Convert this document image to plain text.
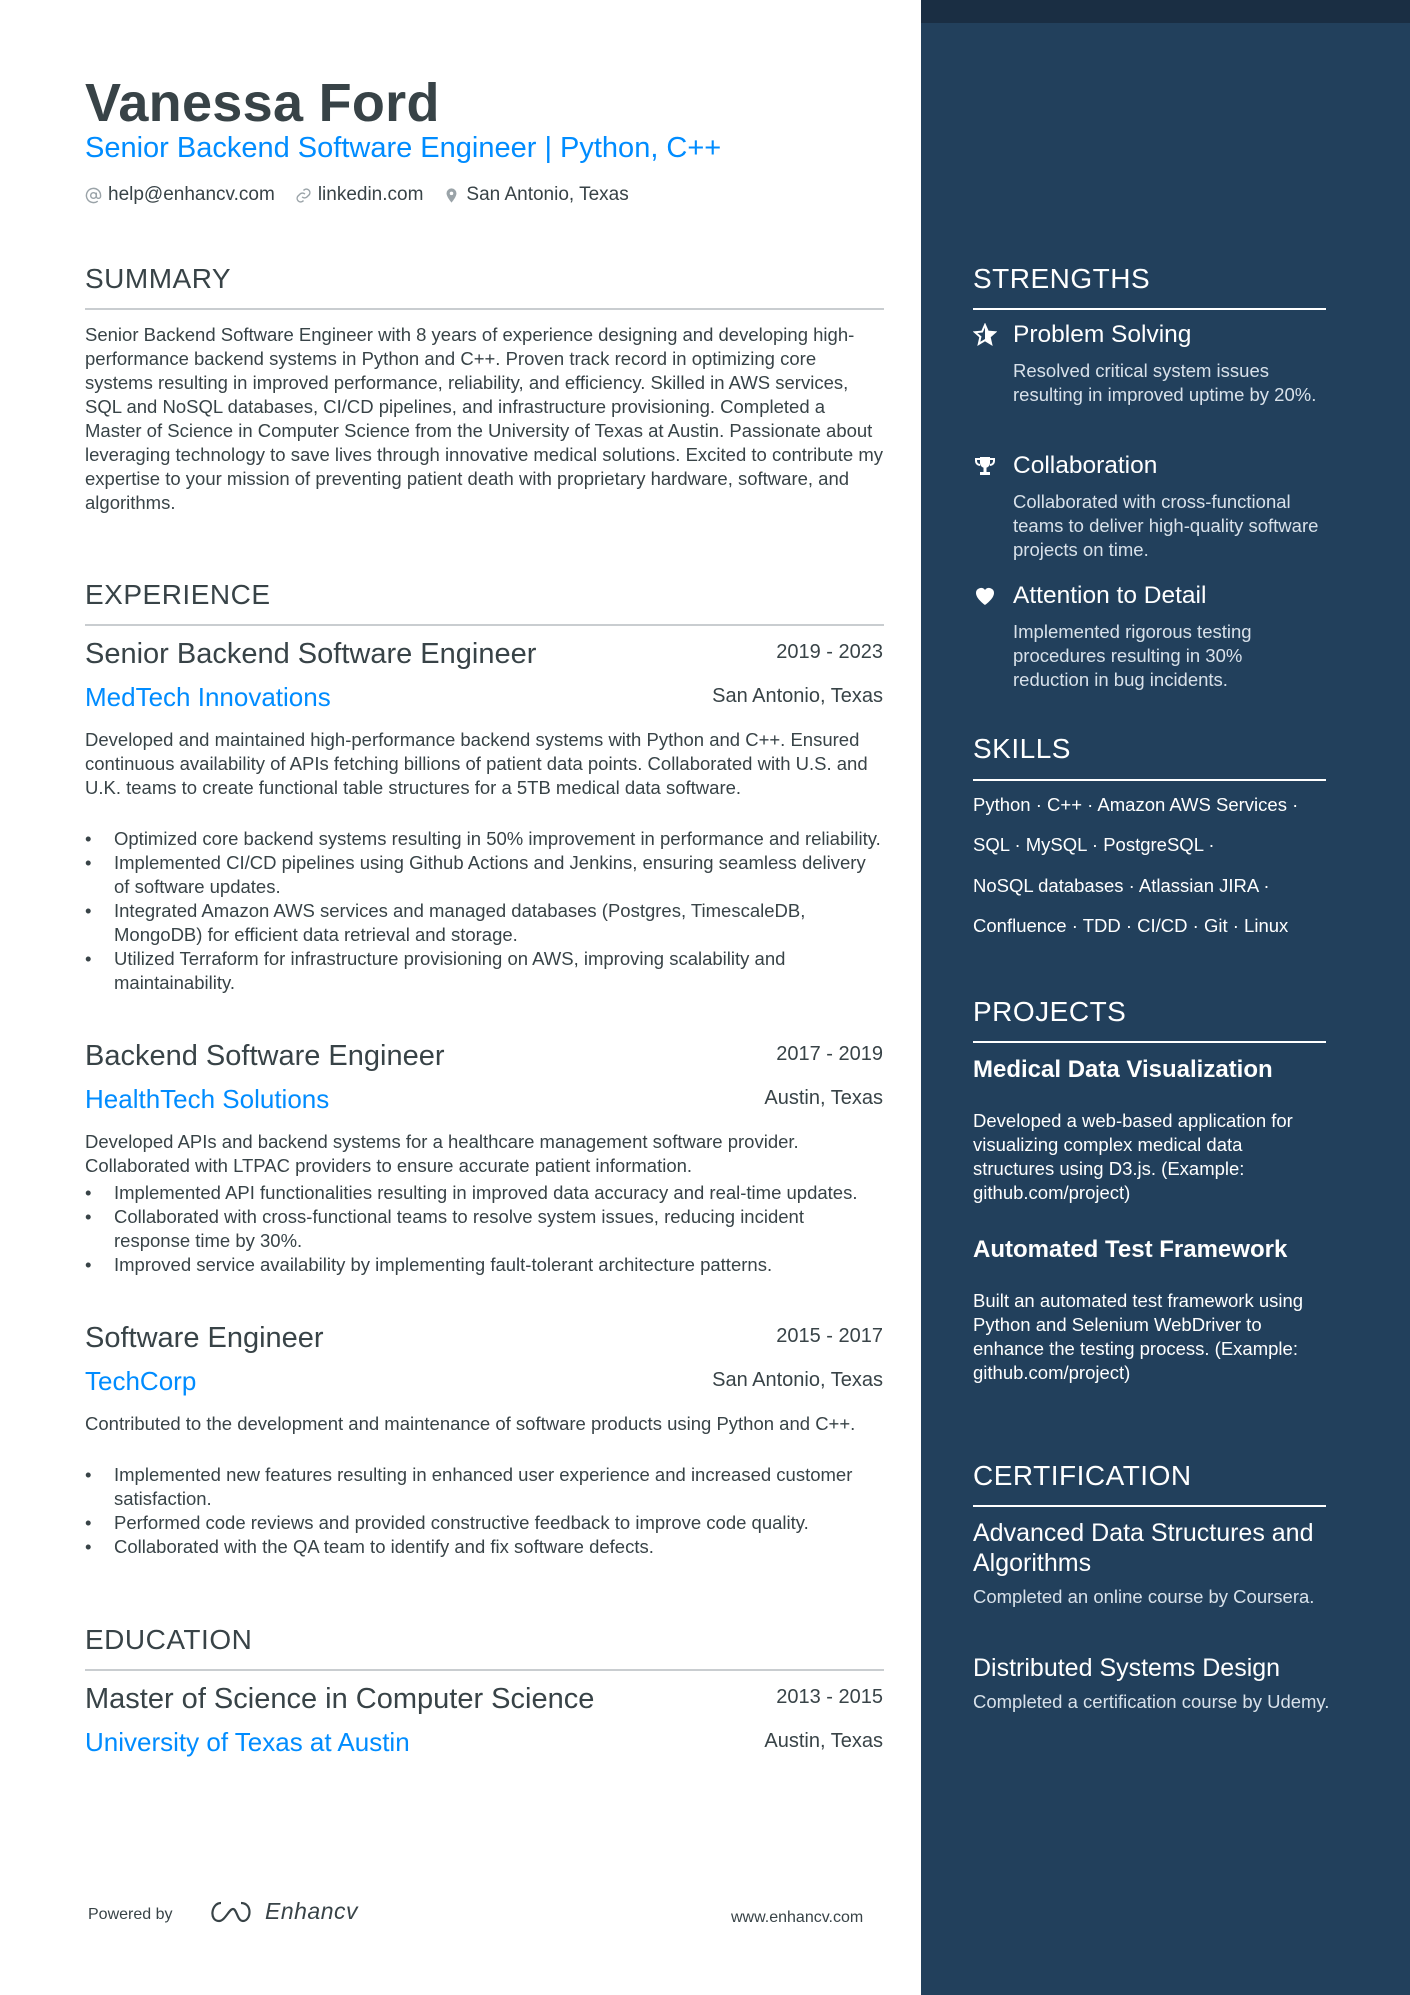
Vanessa Ford
Senior Backend Software Engineer | Python, C++
help@enhancv.com linkedin.com San Antonio, Texas
SUMMARY
Senior Backend Software Engineer with 8 years of experience designing and developing high-performance backend systems in Python and C++. Proven track record in optimizing core systems resulting in improved performance, reliability, and efficiency. Skilled in AWS services, SQL and NoSQL databases, CI/CD pipelines, and infrastructure provisioning. Completed a Master of Science in Computer Science from the University of Texas at Austin. Passionate about leveraging technology to save lives through innovative medical solutions. Excited to contribute my expertise to your mission of preventing patient death with proprietary hardware, software, and algorithms.
EXPERIENCE
Senior Backend Software Engineer	2019 - 2023
MedTech Innovations	San Antonio, Texas
Developed and maintained high-performance backend systems with Python and C++. Ensured continuous availability of APIs fetching billions of patient data points. Collaborated with U.S. and U.K. teams to create functional table structures for a 5TB medical data software.
• Optimized core backend systems resulting in 50% improvement in performance and reliability.
• Implemented CI/CD pipelines using Github Actions and Jenkins, ensuring seamless delivery of software updates.
• Integrated Amazon AWS services and managed databases (Postgres, TimescaleDB, MongoDB) for efficient data retrieval and storage.
• Utilized Terraform for infrastructure provisioning on AWS, improving scalability and maintainability.
Backend Software Engineer	2017 - 2019
HealthTech Solutions	Austin, Texas
Developed APIs and backend systems for a healthcare management software provider. Collaborated with LTPAC providers to ensure accurate patient information.
• Implemented API functionalities resulting in improved data accuracy and real-time updates.
• Collaborated with cross-functional teams to resolve system issues, reducing incident response time by 30%.
• Improved service availability by implementing fault-tolerant architecture patterns.
Software Engineer	2015 - 2017
TechCorp	San Antonio, Texas
Contributed to the development and maintenance of software products using Python and C++.
• Implemented new features resulting in enhanced user experience and increased customer satisfaction.
• Performed code reviews and provided constructive feedback to improve code quality.
• Collaborated with the QA team to identify and fix software defects.
EDUCATION
Master of Science in Computer Science	2013 - 2015
University of Texas at Austin	Austin, Texas
Powered by	Enhancv	www.enhancv.com
STRENGTHS
Problem Solving
Resolved critical system issues resulting in improved uptime by 20%.
Collaboration
Collaborated with cross-functional teams to deliver high-quality software projects on time.
Attention to Detail
Implemented rigorous testing procedures resulting in 30% reduction in bug incidents.
SKILLS
Python · C++ · Amazon AWS Services ·
SQL · MySQL · PostgreSQL ·
NoSQL databases · Atlassian JIRA ·
Confluence · TDD · CI/CD · Git · Linux
PROJECTS
Medical Data Visualization
Developed a web-based application for visualizing complex medical data structures using D3.js. (Example: github.com/project)
Automated Test Framework
Built an automated test framework using Python and Selenium WebDriver to enhance the testing process. (Example: github.com/project)
CERTIFICATION
Advanced Data Structures and Algorithms
Completed an online course by Coursera.
Distributed Systems Design
Completed a certification course by Udemy.
